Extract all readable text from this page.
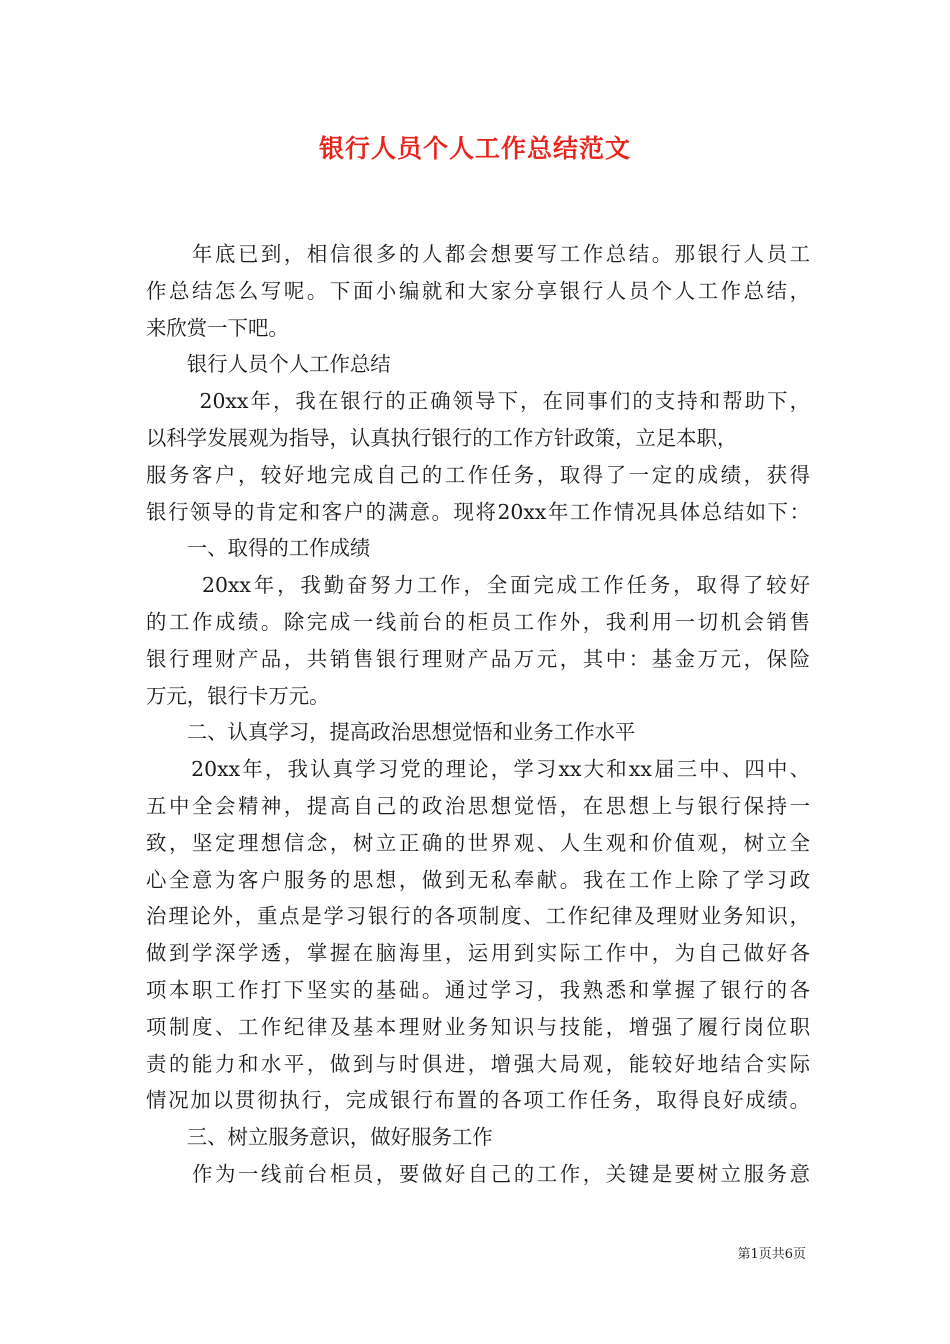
银行人员个人工作总结范文
　　年底已到，相信很多的人都会想要写工作总结。那银行人员工
作总结怎么写呢。下面小编就和大家分享银行人员个人工作总结，
来欣赏一下吧。
　　银行人员个人工作总结
　　 20xx年，我在银行的正确领导下，在同事们的支持和帮助下，
以科学发展观为指导，认真执行银行的工作方针政策，立足本职，
服务客户，较好地完成自己的工作任务，取得了一定的成绩，获得
银行领导的肯定和客户的满意。现将20xx年工作情况具体总结如下：
　　一、取得的工作成绩
　　 20xx年，我勤奋努力工作，全面完成工作任务，取得了较好
的工作成绩。除完成一线前台的柜员工作外，我利用一切机会销售
银行理财产品，共销售银行理财产品万元，其中：基金万元，保险
万元，银行卡万元。
　　二、认真学习，提高政治思想觉悟和业务工作水平
　　20xx年，我认真学习党的理论，学习xx大和xx届三中、四中、
五中全会精神，提高自己的政治思想觉悟，在思想上与银行保持一
致，坚定理想信念，树立正确的世界观、人生观和价值观，树立全
心全意为客户服务的思想，做到无私奉献。我在工作上除了学习政
治理论外，重点是学习银行的各项制度、工作纪律及理财业务知识，
做到学深学透，掌握在脑海里，运用到实际工作中，为自己做好各
项本职工作打下坚实的基础。通过学习，我熟悉和掌握了银行的各
项制度、工作纪律及基本理财业务知识与技能，增强了履行岗位职
责的能力和水平，做到与时俱进，增强大局观，能较好地结合实际
情况加以贯彻执行，完成银行布置的各项工作任务，取得良好成绩。
　　三、树立服务意识，做好服务工作
　　作为一线前台柜员，要做好自己的工作，关键是要树立服务意
第1页共6页
